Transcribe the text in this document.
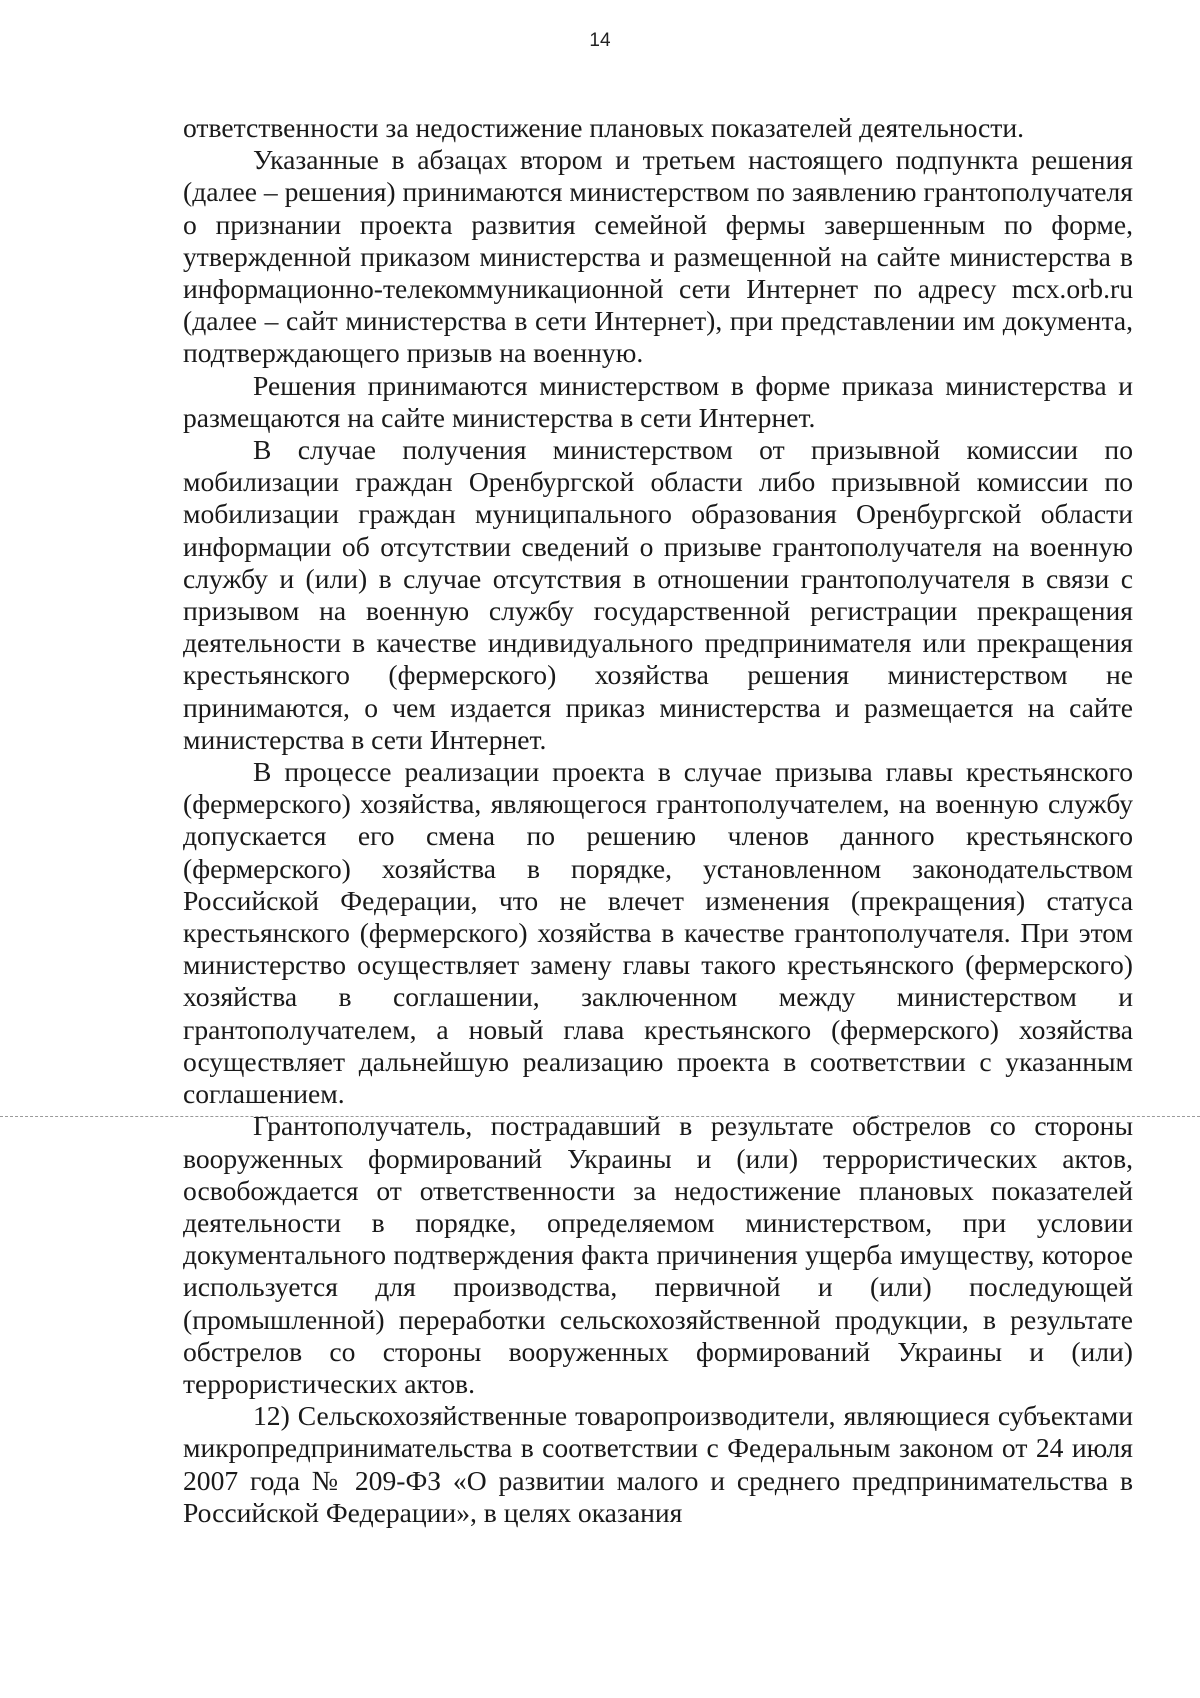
14

ответственности за недостижение плановых показателей деятельности.

Указанные в абзацах втором и третьем настоящего подпункта решения (далее – решения) принимаются министерством по заявлению грантополучателя о признании проекта развития семейной фермы завершенным по форме, утвержденной приказом министерства и размещенной на сайте министерства в информационно-телекоммуникационной сети Интернет по адресу mcx.orb.ru (далее – сайт министерства в сети Интернет), при представлении им документа, подтверждающего призыв на военную.

Решения принимаются министерством в форме приказа министерства и размещаются на сайте министерства в сети Интернет.

В случае получения министерством от призывной комиссии по мобилизации граждан Оренбургской области либо призывной комиссии по мобилизации граждан муниципального образования Оренбургской области информации об отсутствии сведений о призыве грантополучателя на военную службу и (или) в случае отсутствия в отношении грантополучателя в связи с призывом на военную службу государственной регистрации прекращения деятельности в качестве индивидуального предпринимателя или прекращения крестьянского (фермерского) хозяйства решения министерством не принимаются, о чем издается приказ министерства и размещается на сайте министерства в сети Интернет.

В процессе реализации проекта в случае призыва главы крестьянского (фермерского) хозяйства, являющегося грантополучателем, на военную службу допускается его смена по решению членов данного крестьянского (фермерского) хозяйства в порядке, установленном законодательством Российской Федерации, что не влечет изменения (прекращения) статуса крестьянского (фермерского) хозяйства в качестве грантополучателя. При этом министерство осуществляет замену главы такого крестьянского (фермерского) хозяйства в соглашении, заключенном между министерством и грантополучателем, а новый глава крестьянского (фермерского) хозяйства осуществляет дальнейшую реализацию проекта в соответствии с указанным соглашением.

Грантополучатель, пострадавший в результате обстрелов со стороны вооруженных формирований Украины и (или) террористических актов, освобождается от ответственности за недостижение плановых показателей деятельности в порядке, определяемом министерством, при условии документального подтверждения факта причинения ущерба имуществу, которое используется для производства, первичной и (или) последующей (промышленной) переработки сельскохозяйственной продукции, в результате обстрелов со стороны вооруженных формирований Украины и (или) террористических актов.

12) Сельскохозяйственные товаропроизводители, являющиеся субъектами микропредпринимательства в соответствии с Федеральным законом от 24 июля 2007 года № 209-ФЗ «О развитии малого и среднего предпринимательства в Российской Федерации», в целях оказания
